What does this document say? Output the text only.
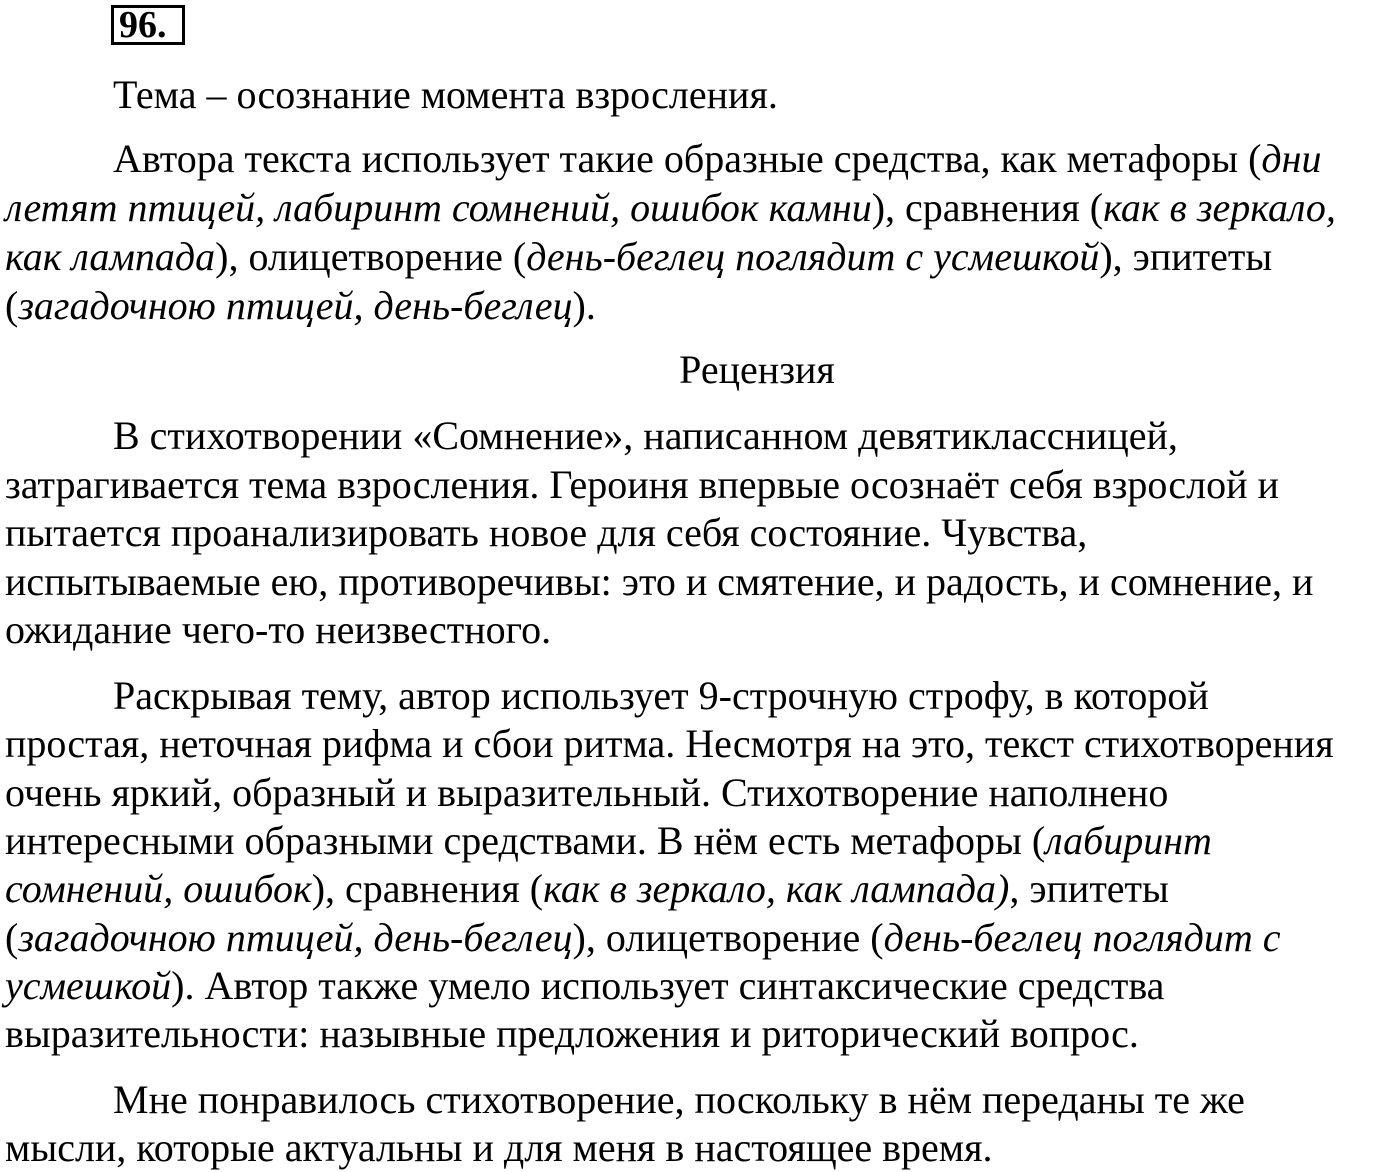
96.
Тема – осознание момента взросления.
Автора текста использует такие образные средства, как метафоры (дни
летят птицей, лабиринт сомнений, ошибок камни), сравнения (как в зеркало,
как лампада), олицетворение (день-беглец поглядит с усмешкой), эпитеты
(загадочною птицей, день-беглец).
Рецензия
В стихотворении «Сомнение», написанном девятиклассницей,
затрагивается тема взросления. Героиня впервые осознаёт себя взрослой и
пытается проанализировать новое для себя состояние. Чувства,
испытываемые ею, противоречивы: это и смятение, и радость, и сомнение, и
ожидание чего-то неизвестного.
Раскрывая тему, автор использует 9-строчную строфу, в которой
простая, неточная рифма и сбои ритма. Несмотря на это, текст стихотворения
очень яркий, образный и выразительный. Стихотворение наполнено
интересными образными средствами. В нём есть метафоры (лабиринт
сомнений, ошибок), сравнения (как в зеркало, как лампада), эпитеты
(загадочною птицей, день-беглец), олицетворение (день-беглец поглядит с
усмешкой). Автор также умело использует синтаксические средства
выразительности: назывные предложения и риторический вопрос.
Мне понравилось стихотворение, поскольку в нём переданы те же
мысли, которые актуальны и для меня в настоящее время.
